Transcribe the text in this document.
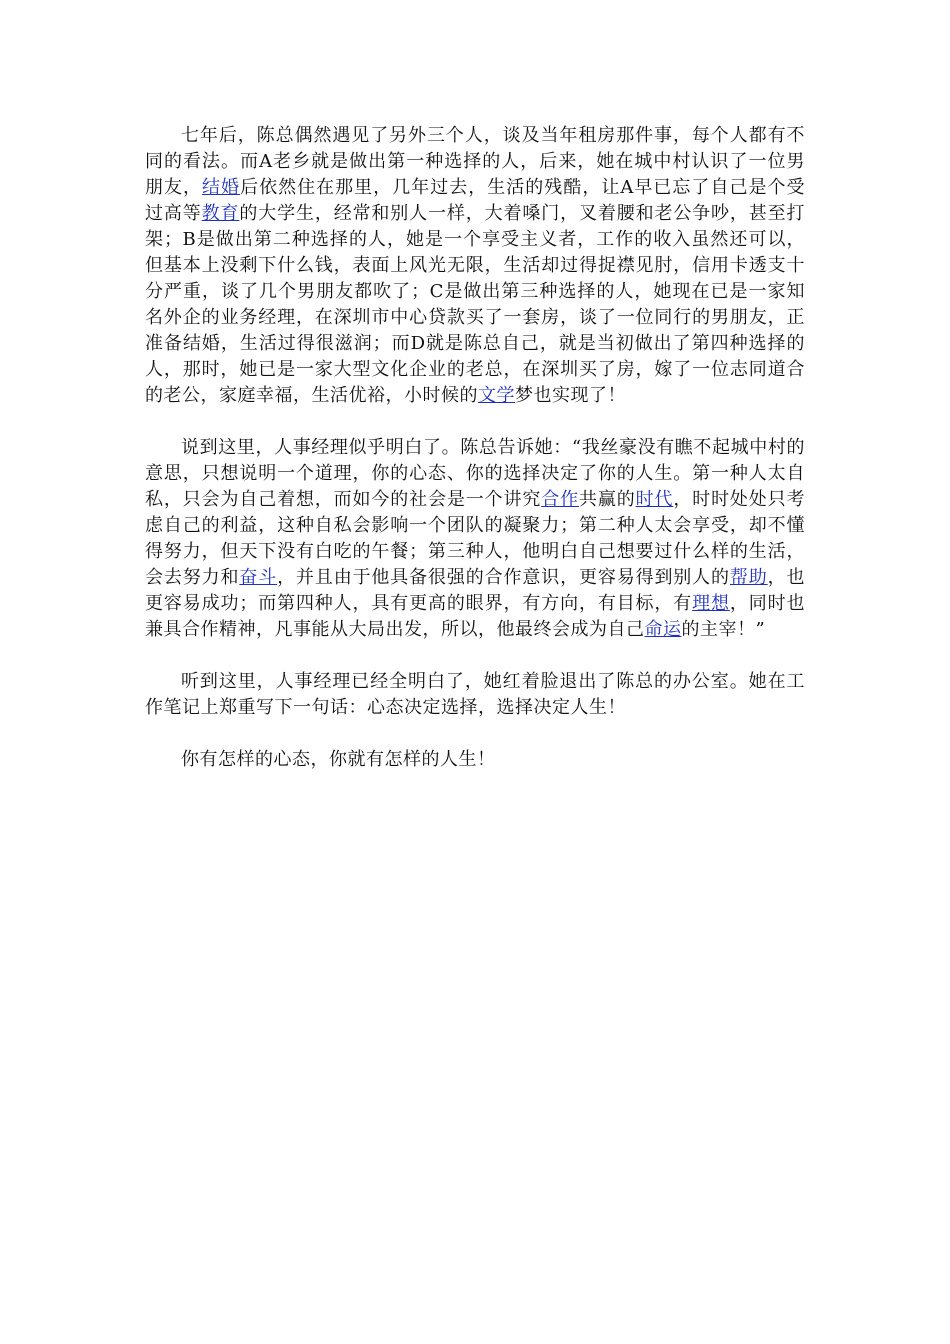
七年后，陈总偶然遇见了另外三个人，谈及当年租房那件事，每个人都有不同的看法。而A老乡就是做出第一种选择的人，后来，她在城中村认识了一位男朋友，结婚后依然住在那里，几年过去，生活的残酷，让A早已忘了自己是个受过高等教育的大学生，经常和别人一样，大着嗓门，叉着腰和老公争吵，甚至打架；B是做出第二种选择的人，她是一个享受主义者，工作的收入虽然还可以，但基本上没剩下什么钱，表面上风光无限，生活却过得捉襟见肘，信用卡透支十分严重，谈了几个男朋友都吹了；C是做出第三种选择的人，她现在已是一家知名外企的业务经理，在深圳市中心贷款买了一套房，谈了一位同行的男朋友，正准备结婚，生活过得很滋润；而D就是陈总自己，就是当初做出了第四种选择的人，那时，她已是一家大型文化企业的老总，在深圳买了房，嫁了一位志同道合的老公，家庭幸福，生活优裕，小时候的文学梦也实现了！

说到这里，人事经理似乎明白了。陈总告诉她：“我丝豪没有瞧不起城中村的意思，只想说明一个道理，你的心态、你的选择决定了你的人生。第一种人太自私，只会为自己着想，而如今的社会是一个讲究合作共赢的时代，时时处处只考虑自己的利益，这种自私会影响一个团队的凝聚力；第二种人太会享受，却不懂得努力，但天下没有白吃的午餐；第三种人，他明白自己想要过什么样的生活，会去努力和奋斗，并且由于他具备很强的合作意识，更容易得到别人的帮助，也更容易成功；而第四种人，具有更高的眼界，有方向，有目标，有理想，同时也兼具合作精神，凡事能从大局出发，所以，他最终会成为自己命运的主宰！”

听到这里，人事经理已经全明白了，她红着脸退出了陈总的办公室。她在工作笔记上郑重写下一句话：心态决定选择，选择决定人生！

你有怎样的心态，你就有怎样的人生！
